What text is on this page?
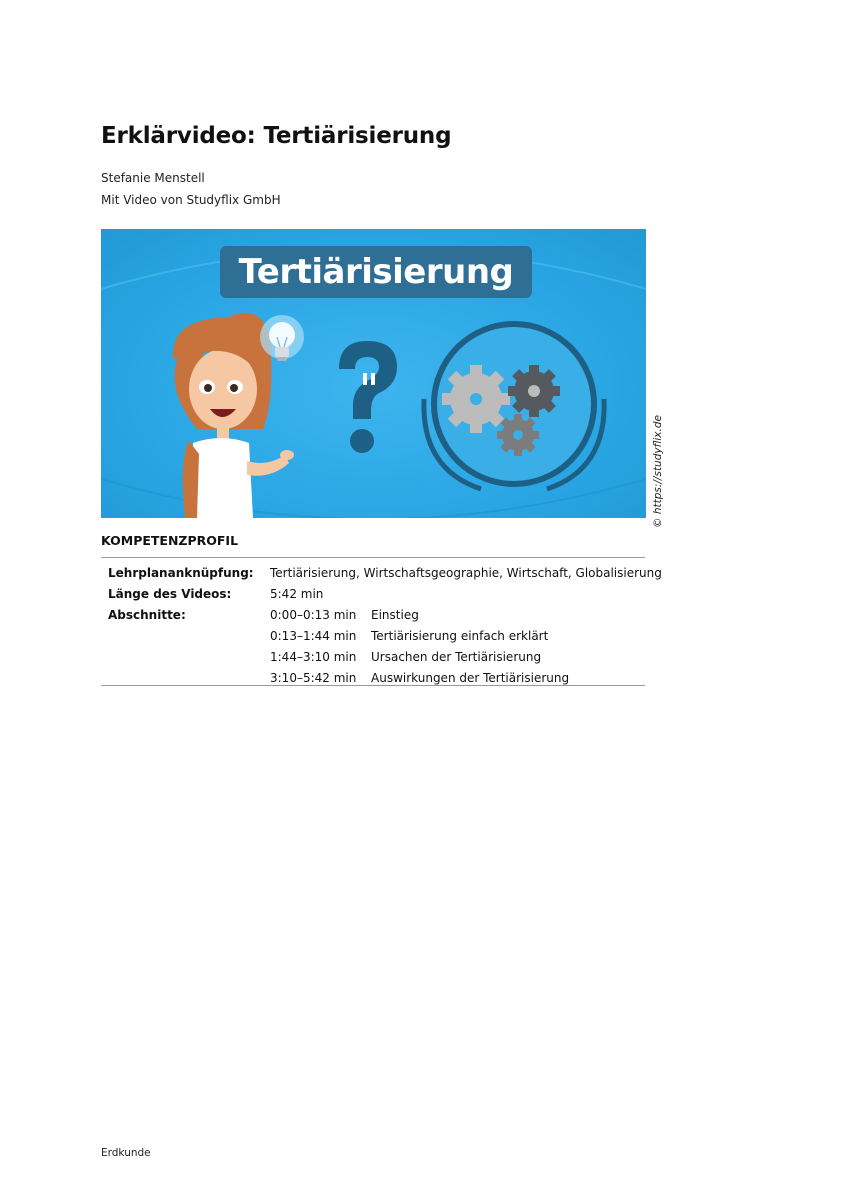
Erklärvideo: Tertiärisierung
Stefanie Menstell
Mit Video von Studyflix GmbH
Tertiärisierung
© https://studyflix.de
KOMPETENZPROFIL
Lehrplananknüpfung: Tertiärisierung, Wirtschaftsgeographie, Wirtschaft, Globalisierung
Länge des Videos:	5:42 min
Abschnitte:	0:00–0:13 min Einstieg
0:13–1:44 min Tertiärisierung einfach erklärt
1:44–3:10 min Ursachen der Tertiärisierung
3:10–5:42 min Auswirkungen der Tertiärisierung
Erdkunde
